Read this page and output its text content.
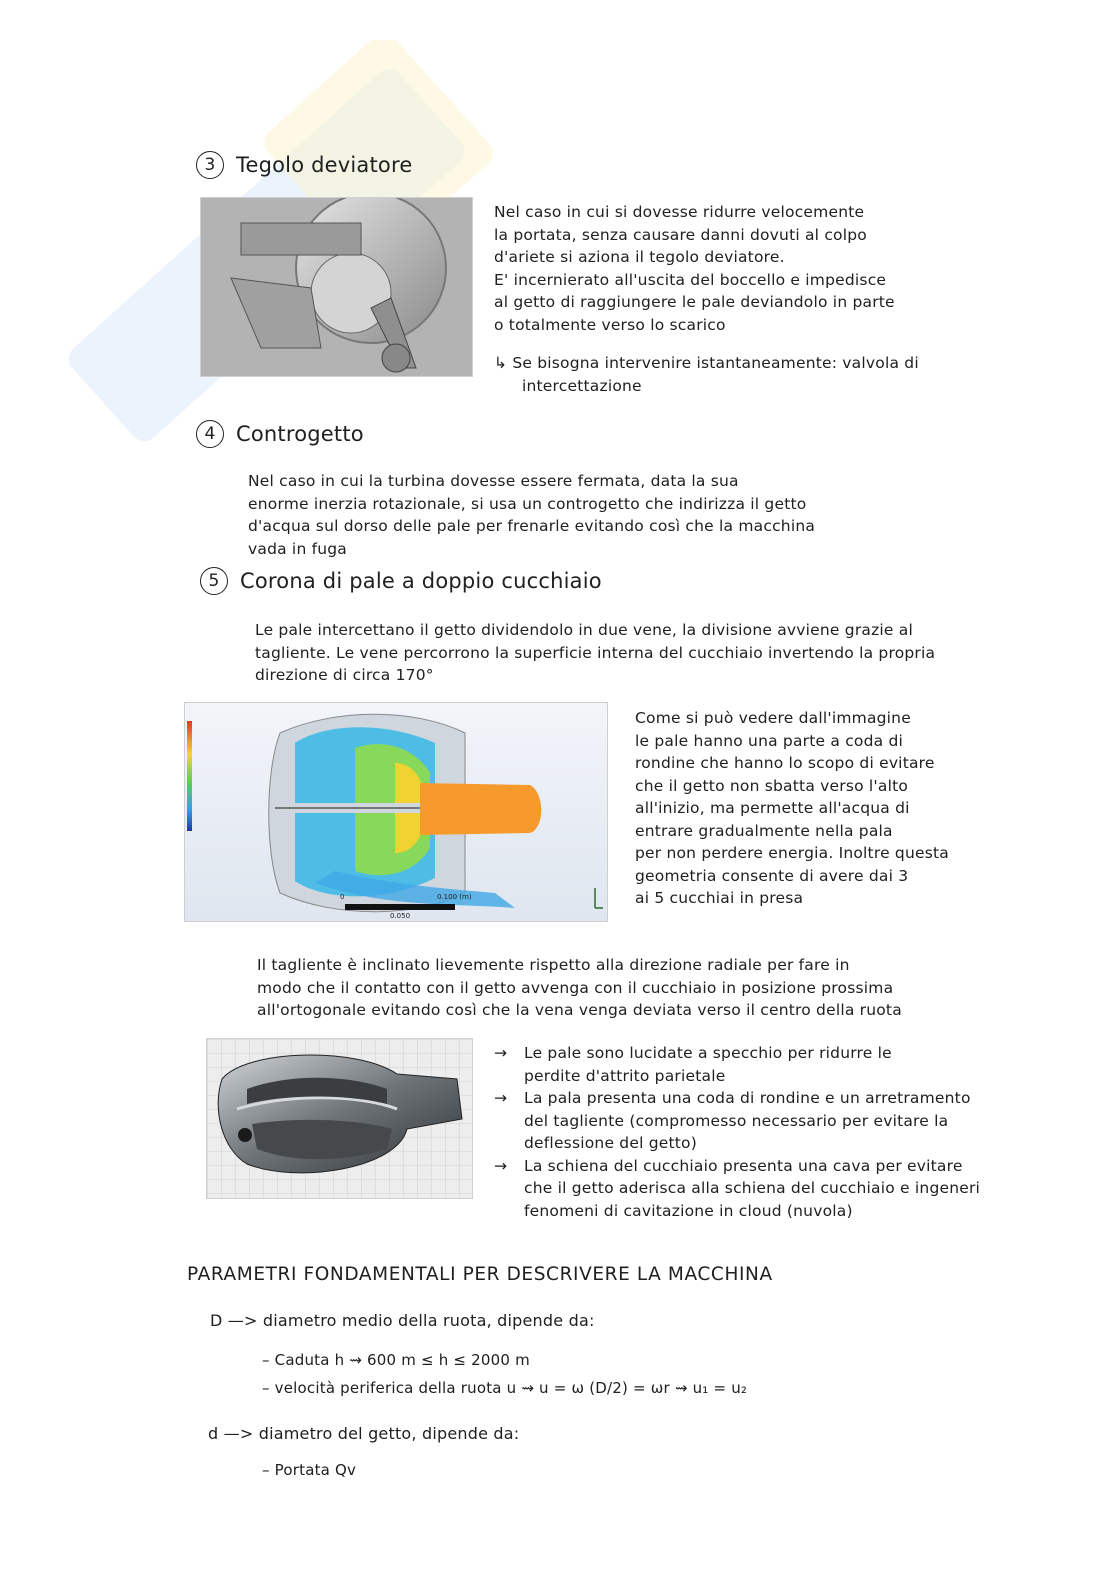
3 Tegolo deviatore
Nel caso in cui si dovesse ridurre velocemente
la portata, senza causare danni dovuti al colpo
d'ariete si aziona il tegolo deviatore.
E' incernierato all'uscita del boccello e impedisce
al getto di raggiungere le pale deviandolo in parte
o totalmente verso lo scarico
↳ Se bisogna intervenire istantaneamente: valvola di
intercettazione
4 Controgetto
Nel caso in cui la turbina dovesse essere fermata, data la sua
enorme inerzia rotazionale, si usa un controgetto che indirizza il getto
d'acqua sul dorso delle pale per frenarle evitando così che la macchina
vada in fuga
5 Corona di pale a doppio cucchiaio
Le pale intercettano il getto dividendolo in due vene, la divisione avviene grazie al
tagliente. Le vene percorrono la superficie interna del cucchiaio invertendo la propria
direzione di circa 170°
0	0.100 (m)
0.050
Come si può vedere dall'immagine
le pale hanno una parte a coda di
rondine che hanno lo scopo di evitare
che il getto non sbatta verso l'alto
all'inizio, ma permette all'acqua di
entrare gradualmente nella pala
per non perdere energia. Inoltre questa
geometria consente di avere dai 3
ai 5 cucchiai in presa
Il tagliente è inclinato lievemente rispetto alla direzione radiale per fare in
modo che il contatto con il getto avvenga con il cucchiaio in posizione prossima
all'ortogonale evitando così che la vena venga deviata verso il centro della ruota
→ Le pale sono lucidate a specchio per ridurre le
perdite d'attrito parietale
→ La pala presenta una coda di rondine e un arretramento
del tagliente (compromesso necessario per evitare la
deflessione del getto)
→ La schiena del cucchiaio presenta una cava per evitare
che il getto aderisca alla schiena del cucchiaio e ingeneri
fenomeni di cavitazione in cloud (nuvola)
PARAMETRI FONDAMENTALI PER DESCRIVERE LA MACCHINA
D —> diametro medio della ruota, dipende da:
– Caduta h ⇝ 600 m ≤ h ≤ 2000 m
– velocità periferica della ruota u ⇝ u = ω (D/2) = ωr ⇝ u₁ = u₂
d —> diametro del getto, dipende da:
– Portata Qv
